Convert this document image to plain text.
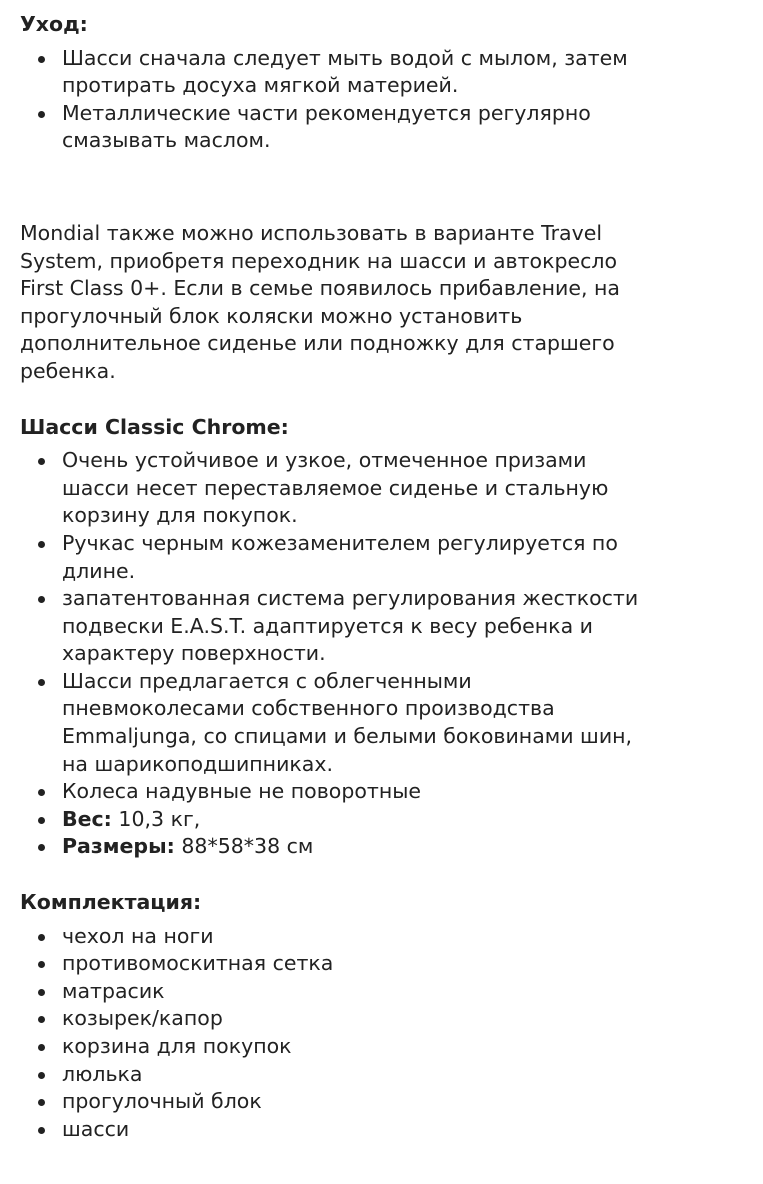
Уход:

Шасси сначала следует мыть водой с мылом, затем протирать досуха мягкой материей.
Металлические части рекомендуется регулярно смазывать маслом.

Mondial также можно использовать в варианте Travel System, приобретя переходник на шасси и автокресло First Class 0+. Если в семье появилось прибавление, на прогулочный блок коляски можно установить дополнительное сиденье или подножку для старшего ребенка.

Шасси Classic Chrome:

Очень устойчивое и узкое, отмеченное призами шасси несет переставляемое сиденье и стальную корзину для покупок.
Ручкас черным кожезаменителем регулируется по длине.
запатентованная система регулирования жесткости подвески E.A.S.T. адаптируется к весу ребенка и характеру поверхности.
Шасси предлагается с облегченными пневмоколесами собственного производства Emmaljunga, со спицами и белыми боковинами шин, на шарикоподшипниках.
Колеса надувные не поворотные
Вес: 10,3 кг,
Размеры: 88*58*38 см

Комплектация:

чехол на ноги
противомоскитная сетка
матрасик
козырек/капор
корзина для покупок
люлька
прогулочный блок
шасси
